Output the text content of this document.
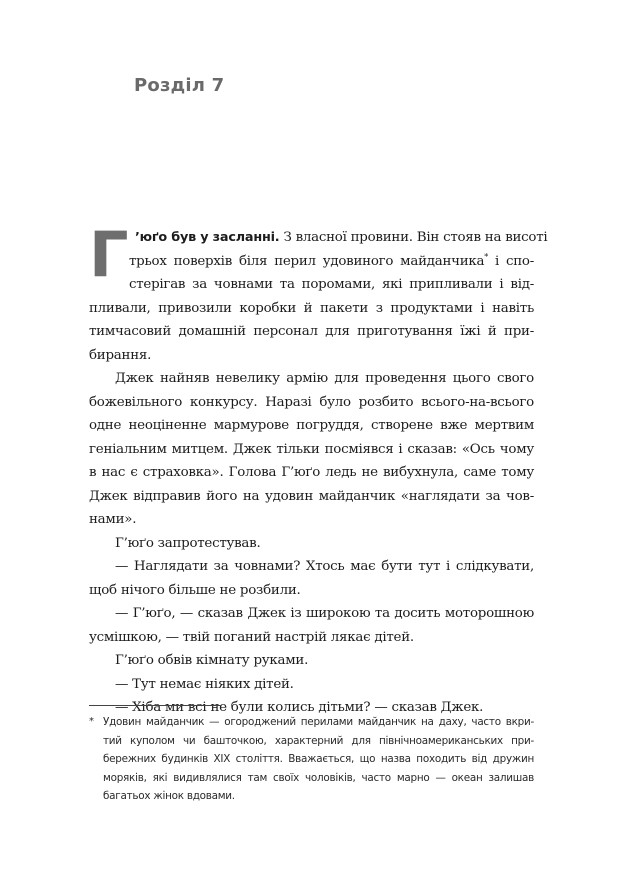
Розділ 7
Г ’юґо був у засланні. З власної провини. Він стояв на висоті
трьох поверхів біля перил удовиного майданчика* і спо-
стерігав за човнами та поромами, які припливали і від-
пливали, привозили коробки й пакети з продуктами і навіть
тимчасовий домашній персонал для приготування їжі й при-
бирання.
Джек найняв невелику армію для проведення цього свого
божевільного конкурсу. Наразі було розбито всього-на-всього
одне неоціненне мармурове погруддя, створене вже мертвим
геніальним митцем. Джек тільки посміявся і сказав: «Ось чому
в нас є страховка». Голова Г’юґо ледь не вибухнула, саме тому
Джек відправив його на удовин майданчик «наглядати за чов-
нами».
Г’юґо запротестував.
— Наглядати за човнами? Хтось має бути тут і слідкувати,
щоб нічого більше не розбили.
— Г’юґо, — сказав Джек із широкою та досить моторошною
усмішкою, — твій поганий настрій лякає дітей.
Г’юґо обвів кімнату руками.
— Тут немає ніяких дітей.
— Хіба ми всі не були колись дітьми? — сказав Джек.
* Удовин майданчик — огороджений перилами майданчик на даху, часто вкри-
тий куполом чи башточкою, характерний для північноамериканських при-
бережних будинків XIX століття. Вважається, що назва походить від дружин
моряків, які видивлялися там своїх чоловіків, часто марно — океан залишав
багатьох жінок вдовами.
